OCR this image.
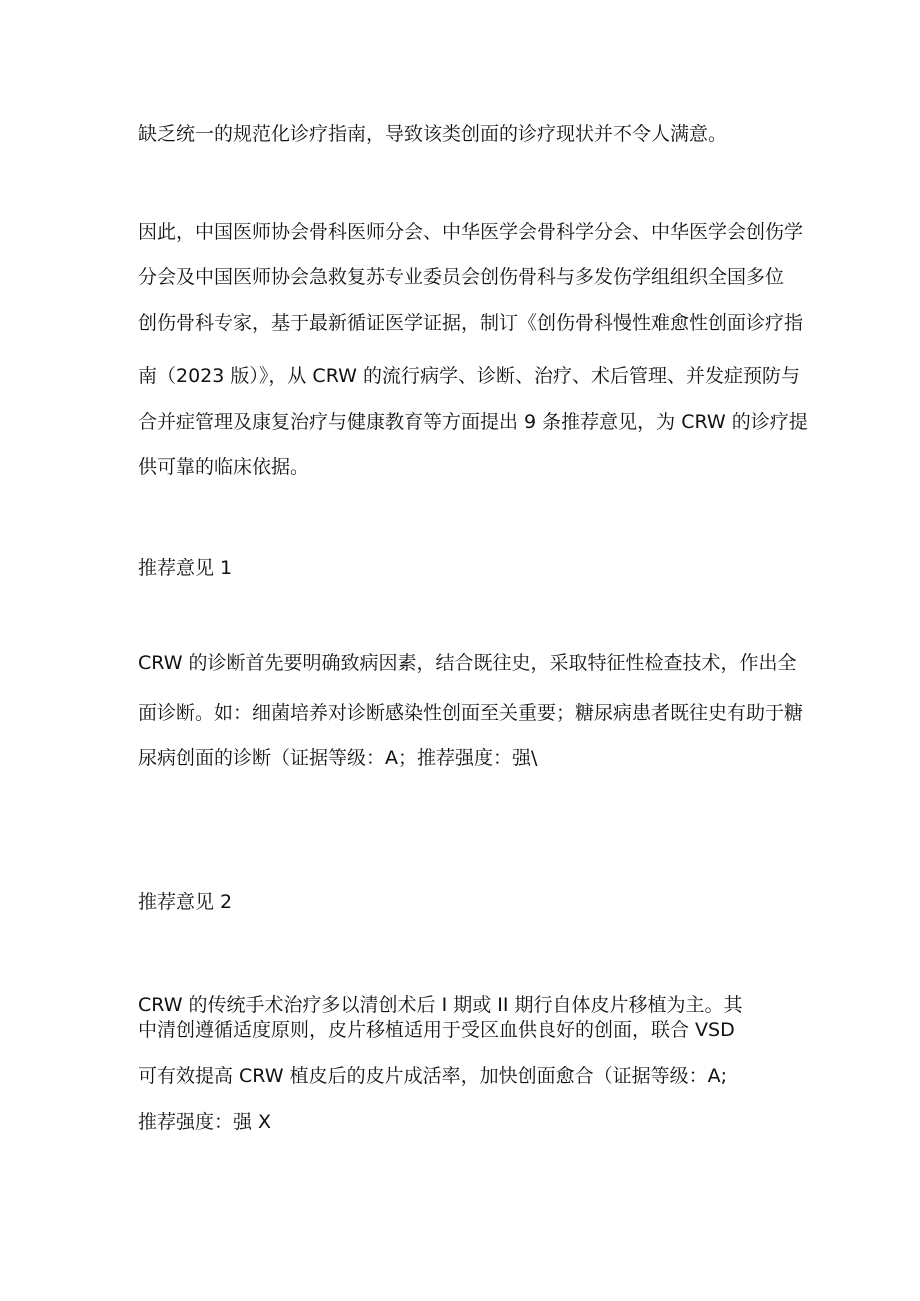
缺乏统一的规范化诊疗指南，导致该类创面的诊疗现状并不令人满意。
因此，中国医师协会骨科医师分会、中华医学会骨科学分会、中华医学会创伤学
分会及中国医师协会急救复苏专业委员会创伤骨科与多发伤学组组织全国多位
创伤骨科专家，基于最新循证医学证据，制订《创伤骨科慢性难愈性创面诊疗指
南（2023 版）》，从 CRW 的流行病学、诊断、治疗、术后管理、并发症预防与
合并症管理及康复治疗与健康教育等方面提出 9 条推荐意见，为 CRW 的诊疗提
供可靠的临床依据。
推荐意见 1
CRW 的诊断首先要明确致病因素，结合既往史，采取特征性检查技术，作出全
面诊断。如：细菌培养对诊断感染性创面至关重要；糖尿病患者既往史有助于糖
尿病创面的诊断（证据等级：A；推荐强度：强\
推荐意见 2
CRW 的传统手术治疗多以清创术后 I 期或 II 期行自体皮片移植为主。其
中清创遵循适度原则，皮片移植适用于受区血供良好的创面，联合 VSD
可有效提高 CRW 植皮后的皮片成活率，加快创面愈合（证据等级：A;
推荐强度：强 X
